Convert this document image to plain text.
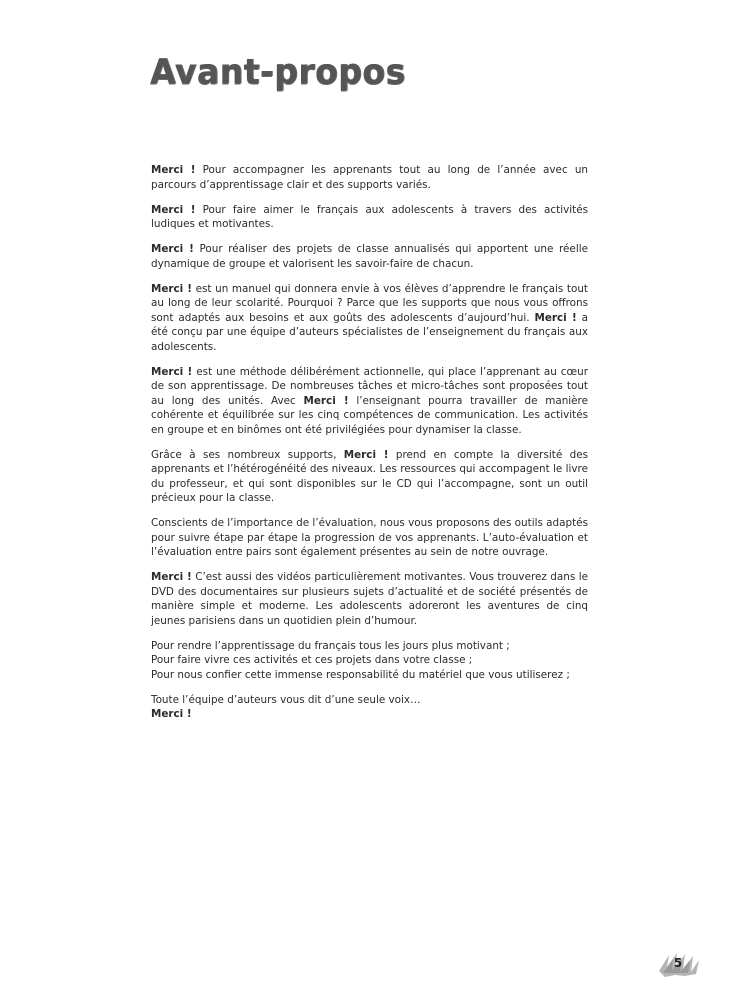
Avant-propos

Merci ! Pour accompagner les apprenants tout au long de l’année avec un parcours d’apprentissage clair et des supports variés.

Merci ! Pour faire aimer le français aux adolescents à travers des activités ludiques et motivantes.

Merci ! Pour réaliser des projets de classe annualisés qui apportent une réelle dynamique de groupe et valorisent les savoir-faire de chacun.

Merci ! est un manuel qui donnera envie à vos élèves d’apprendre le français tout au long de leur scolarité. Pourquoi ? Parce que les supports que nous vous offrons sont adaptés aux besoins et aux goûts des adolescents d’aujourd’hui. Merci ! a été conçu par une équipe d’auteurs spécialistes de l’enseignement du français aux adolescents.

Merci ! est une méthode délibérément actionnelle, qui place l’apprenant au cœur de son apprentissage. De nombreuses tâches et micro-tâches sont proposées tout au long des unités. Avec Merci ! l’enseignant pourra travailler de manière cohérente et équilibrée sur les cinq compétences de communication. Les activités en groupe et en binômes ont été privilégiées pour dynamiser la classe.

Grâce à ses nombreux supports, Merci ! prend en compte la diversité des apprenants et l’hétérogénéité des niveaux. Les ressources qui accompagent le livre du professeur, et qui sont disponibles sur le CD qui l’accompagne, sont un outil précieux pour la classe.

Conscients de l’importance de l’évaluation, nous vous proposons des outils adaptés pour suivre étape par étape la progression de vos apprenants. L’auto-évaluation et l’évaluation entre pairs sont également présentes au sein de notre ouvrage.

Merci ! C’est aussi des vidéos particulièrement motivantes. Vous trouverez dans le DVD des documentaires sur plusieurs sujets d’actualité et de société présentés de manière simple et moderne. Les adolescents adoreront les aventures de cinq jeunes parisiens dans un quotidien plein d’humour.

Pour rendre l’apprentissage du français tous les jours plus motivant ;
Pour faire vivre ces activités et ces projets dans votre classe ;
Pour nous confier cette immense responsabilité du matériel que vous utiliserez ;

Toute l’équipe d’auteurs vous dit d’une seule voix…
Merci !

5
